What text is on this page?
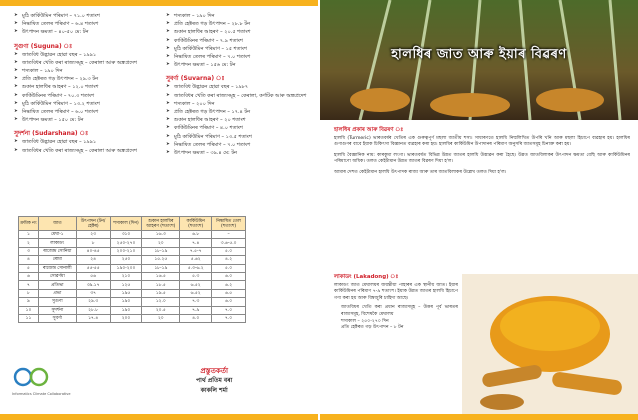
➤ মুঠি কাৰ্কিউমিন পৰিমাণ – ৭১.০ শতাংশ
➤ নিষ্কাষিত তেলৰ পৰিমাণ – ৬.৪ শতাংশ
➤ উৎপাদন ক্ষমতা – ৪০-৫০ মে: টন
সুগুণা (Suguna) ঃ
➤ জাতবিধ উদ্ভাৱন হোৱা বছৰ – ১৯৯১
➤ জাতবিধৰ খেতি কৰা ৰাজ্যসমূহ – কেৰালা আৰু অন্ধ্ৰপ্ৰদেশ
➤ শস্যকাল – ১৯০ দিন
➤ প্ৰতি হেক্টৰত গড় উৎপাদন – ২৯.৩ টন
➤ শুকান হালধিৰ আহৰণ – ১২.০ শতাংশ
➤ কাৰ্কিউমিনৰ পৰিমাণ – ৭০.৩ শতাংশ
➤ মুঠি কাৰ্কিউমিন পৰিমাণ – ১৩.২ শতাংশ
➤ নিষ্কাষিত তেলৰ পৰিমাণ – ৬.০ শতাংশ
➤ উৎপাদন ক্ষমতা – ১৫০ মে: টন
সুদৰ্শনা (Sudarshana) ঃ
➤ জাতবিধ উদ্ভাৱন হোৱা বছৰ – ১৯৯১
➤ জাতবিধৰ খেতি কৰা ৰাজ্যসমূহ – কেৰালা আৰু অন্ধ্ৰপ্ৰদেশ
➤ শস্যকাল – ১৯০ দিন
➤ প্ৰতি হেক্টৰত গড় উৎপাদন – ২৮.৮ টন
➤ শুকান হালধিৰ আহৰণ – ২০.৫ শতাংশ
➤ কাৰ্কিউমিনৰ পৰিমাণ – ৭.৯ শতাংশ
➤ মুঠি কাৰ্কিউমিন পৰিমাণ – ১৫ শতাংশ
➤ নিষ্কাষিত তেলৰ পৰিমাণ – ৭.০ শতাংশ
➤ উৎপাদন ক্ষমতা – ১৫৬ মে: টন
সুবৰ্ণা (Suvarna) ঃ
➤ জাতবিধ উদ্ভাৱন হোৱা বছৰ – ১৯৮৭
➤ জাতবিধৰ খেতি কৰা ৰাজ্যসমূহ – কেৰালা, কৰ্ণাটক আৰু অন্ধ্ৰপ্ৰদেশ
➤ শস্যকাল – ২০০ দিন
➤ প্ৰতি হেক্টৰত গড় উৎপাদন – ১৭.৪ টন
➤ শুকান হালধিৰ আহৰণ – ২০ শতাংশ
➤ কাৰ্কিউমিনৰ পৰিমাণ – ৪.০ শতাংশ
➤ মুঠি কাৰ্কিউমিন পৰিমাণ – ১৩.৫ শতাংশ
➤ নিষ্কাষিত তেলৰ পৰিমাণ – ৭.০ শতাংশ
➤ উৎপাদন ক্ষমতা – ৩৯.৪ মে: টন
ক্ৰমিক নং	জাত	উৎপাদন (টন/হেক্টৰ)	শস্যকাল (দিন)	শুকান হালধিৰ আহৰণ (শতাংশ)	কাৰ্কিউমিন (শতাংশ)	নিষ্কাষিত তেল (শতাংশ)
১	মেঘা-১	২৩	৩১০	১৬.৩	৬.৮	–
২	লাকাডং	৮	২৫০-২৭০	২০	৭.৪	৩.৬-৫.০
৩	ৰাজেন্দ্ৰ সোনিয়া	৪০-৪৫	২০০-২১০	১৮-১৯	৭.৫-৭	৫.০
৪	ৰোমা	২৪	২৫০	১৫.২৫	৫.৬২	৪.২
৫	ৰাজেন্দ্ৰ সোনালী	৫৫-৫৫	১৯০-২০০	১৮-১৯	৫.৩-৬.২	৫.০
৬	সোৱৰ্ণমা	৫৬	২১০	১৬.৫	৫.৩	৬.০
৭	প্ৰতিভা	৩৯.১৭	১২৫	১৮.৫	৬.৫২	৬.২
৮	প্ৰভা	৩৭	১৯৫	১৯.৫	৬.৫২	৬.৫
৯	সুগুণা	২৯.৩	১৯০	১২.০	৭.৩	৬.০
১০	সুদৰ্শনা	২৮.৮	১৯০	২০.৫	৭.৯	৭.০
১১	সুবৰ্ণা	১৭.৪	২০০	২০	৪.০	৭.০
Informatics Climate Collaborative
প্ৰস্তুতকৰ্তা
পাৰ্থ প্ৰতিম বৰা
কাকলি শৰ্মা
হালধিৰ জাত আৰু ইয়াৰ বিৱৰণ
হালধিৰ প্ৰকাৰ আৰু বিৱৰণ ঃ

হালধি (Turmeric) ভাৰতবৰ্ষৰ খেতিৰ এক গুৰুত্বপূৰ্ণ মছলা জাতীয় শস্য। সাধাৰণতে হালধি নিম্মলিখিত উপৰি খনি আৰু মছলা হিচাপে ব্যৱহাৰ হয়। হালধিৰ গুণাগুণৰ বাবে ইয়াক চিকিৎসা বিজ্ঞানত ব্যৱহাৰ কৰা হয়। হালধিৰ কাৰ্কিউমিন উপাদানৰ পৰিমাণ অনুসৰি জাতসমূহ চিনাক্ত কৰা হয়।

হালধি বৈজ্ঞানিক নাম: কাৰকুমা লংগা। ভাৰতবৰ্ষত বিভিন্ন উন্নত জাতৰ হালধি উদ্ভাৱন কৰা হৈছে। উন্নত জাতবিলাকৰ উৎপাদন ক্ষমতা বেছি আৰু কাৰ্কিউমিনৰ পৰিমাণো অধিক। তলত কেইটামান উন্নত জাতৰ বিৱৰণ দিয়া হ'ল।

আমাৰ দেশত কেইটামান হালধি উৎপাদক ৰাজ্য আৰু তাৰ জাতবিলাকৰ উল্লেখ তলত দিয়া হ'ল।

লাকাডং (Lakadong) ঃ

লাকাডং জাত মেঘালয়ৰ জয়ন্তীয়া পাহাৰৰ এক স্থানীয় জাত। ইয়াৰ কাৰ্কিউমিনৰ পৰিমাণ ৭-৯ শতাংশ। ইয়াক উন্নত জাতৰ হালধি হিচাপে গণ্য কৰা হয় আৰু বিশ্বজুৰি চাহিদা আছে।

জাতবিধৰ খেতি কৰা প্ৰধান ৰাজ্যসমূহ – উত্তৰ পূৰ্ব ভাৰতৰ ৰাজ্যসমূহ, বিশেষকৈ মেঘালয়
শস্যকাল – ২৫০-২৭০ দিন
প্ৰতি হেক্টৰত গড় উৎপাদন – ৮ টন
